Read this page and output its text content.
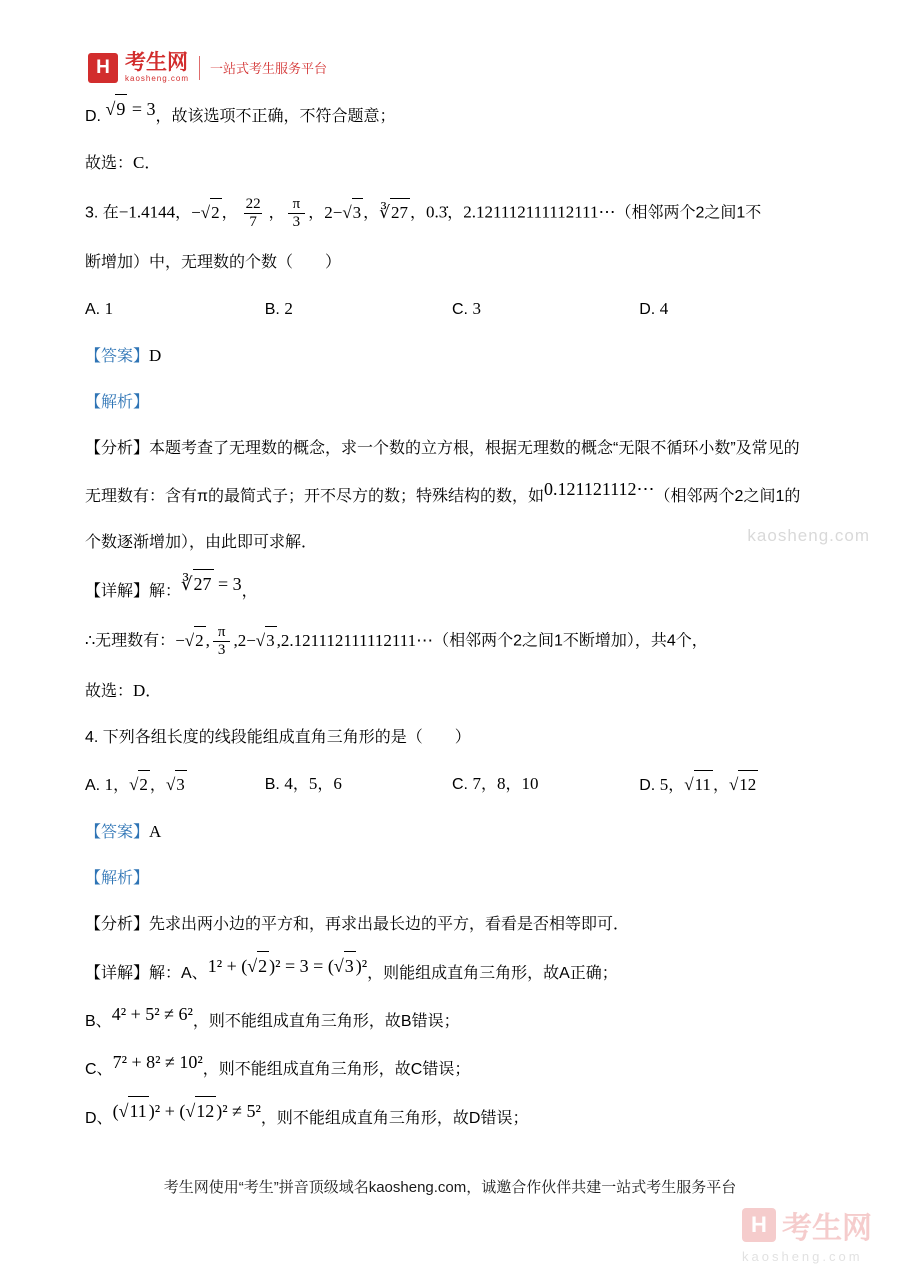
H
考生网
kaosheng.com
一站式考生服务平台
D. √9 = 3，故该选项不正确，不符合题意；
故选：C．
3. 在−1.4144，−√2 ， $\frac{22}{7}$ ， $\frac{\pi}{3}$ ，2−√3 ，∛27 ，0.3̇，2.121112111112111⋯（相邻两个2之间1不
断增加）中，无理数的个数（　　）
A. 1	B. 2	C. 3	D. 4
【答案】D
【解析】
【分析】本题考查了无理数的概念，求一个数的立方根，根据无理数的概念“无限不循环小数”及常见的
无理数有：含有π的最简式子；开不尽方的数；特殊结构的数，如0.121121112⋯（相邻两个2之间1的
个数逐渐增加），由此即可求解．
【详解】解：∛27 = 3，
∴无理数有：−√2 , $\frac{\pi}{3} ,2-√3$ ,2.121112111112111⋯（相邻两个2之间1不断增加），共4个，
故选：D．
4. 下列各组长度的线段能组成直角三角形的是（　　）
A. 1，√2 ，√3	B. 4，5，6	C. 7，8，10	D. 5，√11 ，√12
【答案】A
【解析】
【分析】先求出两小边的平方和，再求出最长边的平方，看看是否相等即可．
【详解】解：A、1² + (√2 )² = 3 = (√3 )²，则能组成直角三角形，故A正确；
B、4² + 5² ≠ 6²，则不能组成直角三角形，故B错误；
C、7² + 8² ≠ 10²，则不能组成直角三角形，故C错误；
D、(√11 )² + (√12 )² ≠ 5²，则不能组成直角三角形，故D错误；
kaosheng.com
考生网使用“考生”拼音顶级域名kaosheng.com，诚邀合作伙伴共建一站式考生服务平台
H
考生网
kaosheng.com
